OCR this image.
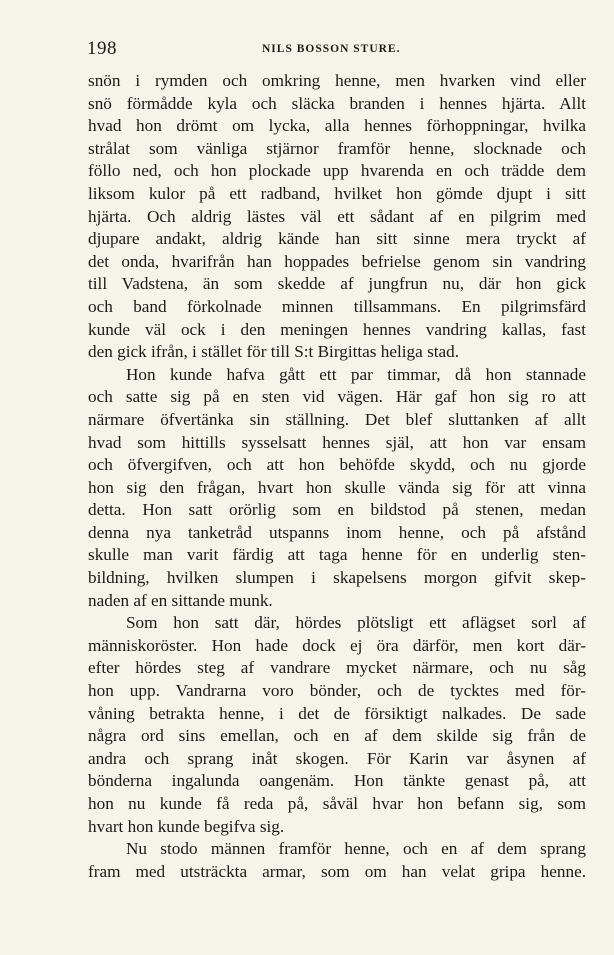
198	NILS BOSSON STURE.
snön i rymden och omkring henne, men hvarken vind eller
snö förmådde kyla och släcka branden i hennes hjärta. Allt
hvad hon drömt om lycka, alla hennes förhoppningar, hvilka
strålat som vänliga stjärnor framför henne, slocknade och
föllo ned, och hon plockade upp hvarenda en och trädde dem
liksom kulor på ett radband, hvilket hon gömde djupt i sitt
hjärta. Och aldrig lästes väl ett sådant af en pilgrim med
djupare andakt, aldrig kände han sitt sinne mera tryckt af
det onda, hvarifrån han hoppades befrielse genom sin vandring
till Vadstena, än som skedde af jungfrun nu, där hon gick
och band förkolnade minnen tillsammans. En pilgrimsfärd
kunde väl ock i den meningen hennes vandring kallas, fast
den gick ifrån, i stället för till S:t Birgittas heliga stad.
Hon kunde hafva gått ett par timmar, då hon stannade
och satte sig på en sten vid vägen. Här gaf hon sig ro att
närmare öfvertänka sin ställning. Det blef sluttanken af allt
hvad som hittills sysselsatt hennes själ, att hon var ensam
och öfvergifven, och att hon behöfde skydd, och nu gjorde
hon sig den frågan, hvart hon skulle vända sig för att vinna
detta. Hon satt orörlig som en bildstod på stenen, medan
denna nya tanketråd utspanns inom henne, och på afstånd
skulle man varit färdig att taga henne för en underlig sten-
bildning, hvilken slumpen i skapelsens morgon gifvit skep-
naden af en sittande munk.
Som hon satt där, hördes plötsligt ett aflägset sorl af
människoröster. Hon hade dock ej öra därför, men kort där-
efter hördes steg af vandrare mycket närmare, och nu såg
hon upp. Vandrarna voro bönder, och de tycktes med för-
våning betrakta henne, i det de försiktigt nalkades. De sade
några ord sins emellan, och en af dem skilde sig från de
andra och sprang inåt skogen. För Karin var åsynen af
bönderna ingalunda oangenäm. Hon tänkte genast på, att
hon nu kunde få reda på, såväl hvar hon befann sig, som
hvart hon kunde begifva sig.
Nu stodo männen framför henne, och en af dem sprang
fram med utsträckta armar, som om han velat gripa henne.
